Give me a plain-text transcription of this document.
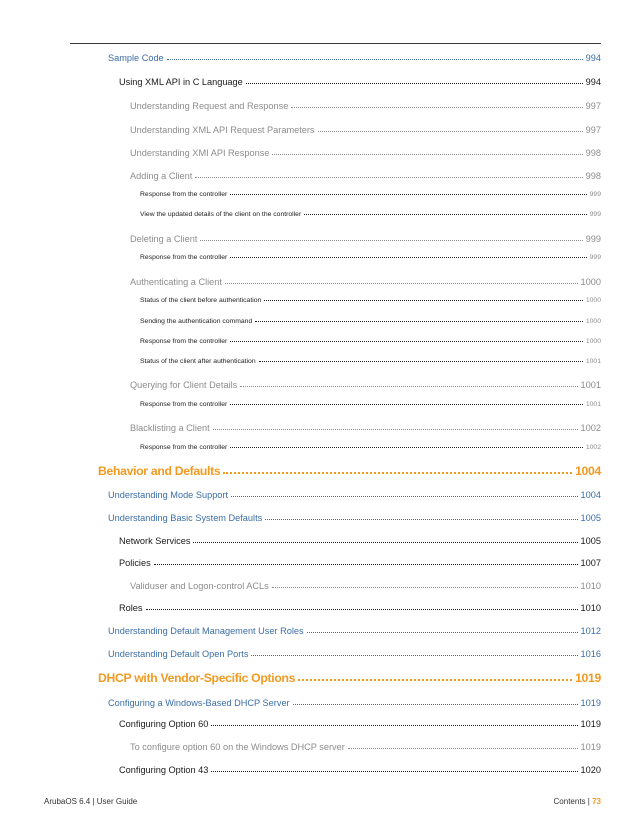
Sample Code	994
Using XML API in C Language	994
Understanding Request and Response	997
Understanding XML API Request Parameters	997
Understanding XMI API Response	998
Adding a Client	998
Response from the controller	999
View the updated details of the client on the controller	999
Deleting a Client	999
Response from the controller	999
Authenticating a Client	1000
Status of the client before authentication	1000
Sending the authentication command	1000
Response from the controller	1000
Status of the client after authentication	1001
Querying for Client Details	1001
Response from the controller	1001
Blacklisting a Client	1002
Response from the controller	1002
Behavior and Defaults	1004
Understanding Mode Support	1004
Understanding Basic System Defaults	1005
Network Services	1005
Policies	1007
Validuser and Logon-control ACLs	1010
Roles	1010
Understanding Default Management User Roles	1012
Understanding Default Open Ports	1016
DHCP with Vendor-Specific Options	1019
Configuring a Windows-Based DHCP Server	1019
Configuring Option 60	1019
To configure option 60 on the Windows DHCP server	1019
Configuring Option 43	1020
ArubaOS 6.4 | User Guide	Contents | 73
